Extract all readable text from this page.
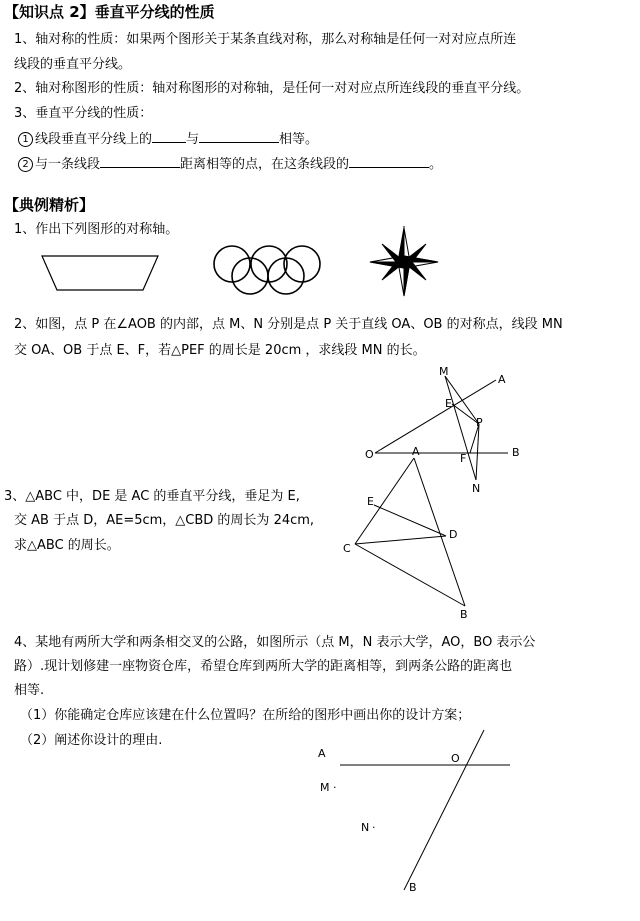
【知识点 2】垂直平分线的性质
1、轴对称的性质：如果两个图形关于某条直线对称，那么对称轴是任何一对对应点所连
线段的垂直平分线。
2、轴对称图形的性质：轴对称图形的对称轴，是任何一对对应点所连线段的垂直平分线。
3、垂直平分线的性质：
1 线段垂直平分线上的	与	相等。
2 与一条线段	距离相等的点，在这条线段的	。
【典例精析】
1、作出下列图形的对称轴。
2、如图，点 P 在∠AOB 的内部，点 M、N 分别是点 P 关于直线 OA、OB 的对称点，线段 MN
交 OA、OB 于点 E、F，若△PEF 的周长是 20cm ，求线段 MN 的长。
A
B
O
M
N
E
F
P
3、△ABC 中，DE 是 AC 的垂直平分线，垂足为 E,
交 AB 于点 D，AE=5cm，△CBD 的周长为 24cm,
求△ABC 的周长。
A
B
C
D
E
4、某地有两所大学和两条相交叉的公路，如图所示（点 M，N 表示大学，AO，BO 表示公
路）.现计划修建一座物资仓库，希望仓库到两所大学的距离相等，到两条公路的距离也
相等.
（1）你能确定仓库应该建在什么位置吗？在所给的图形中画出你的设计方案；
（2）阐述你设计的理由.
A	O
B
M ·
N ·
